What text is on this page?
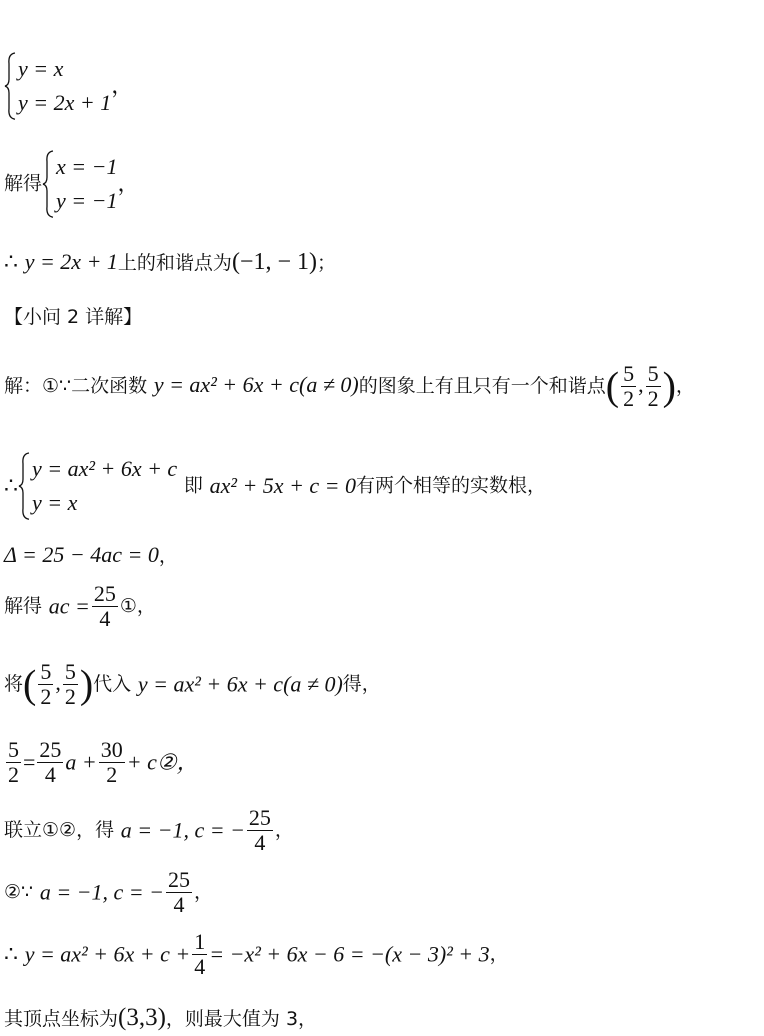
y = x
y = 2x + 1
，
解得
x = −1
y = −1
，
∴ y = 2x + 1上的和谐点为(−1, − 1)；
【小问 2 详解】
解：①∵二次函数 y = ax² + 6x + c(a ≠ 0)的图象上有且只有一个和谐点( $\frac{5}{2}$ , $\frac{5}{2}$ )，
∴
y = ax² + 6x + c
y = x
即 ax² + 5x + c = 0有两个相等的实数根，
Δ = 25 − 4ac = 0，
解得 ac = $\frac{25}{4}$ ①，
将( $\frac{5}{2}$ , $\frac{5}{2}$ )代入 y = ax² + 6x + c(a ≠ 0)得，
$\frac{5}{2} = \frac{25}{4}$ $a + \frac{30}{2}$ + c②，
联立①②，得 a = −1, c = − $\frac{25}{4}$ ，
②∵ a = −1, c = − $\frac{25}{4}$ ，
∴ $y = ax^2 + 6x + c + \frac{1}{4} = -x^2 + 6x - 6 = -(x - 3)^2 + 3$，
其顶点坐标为(3,3)，则最大值为 3，
